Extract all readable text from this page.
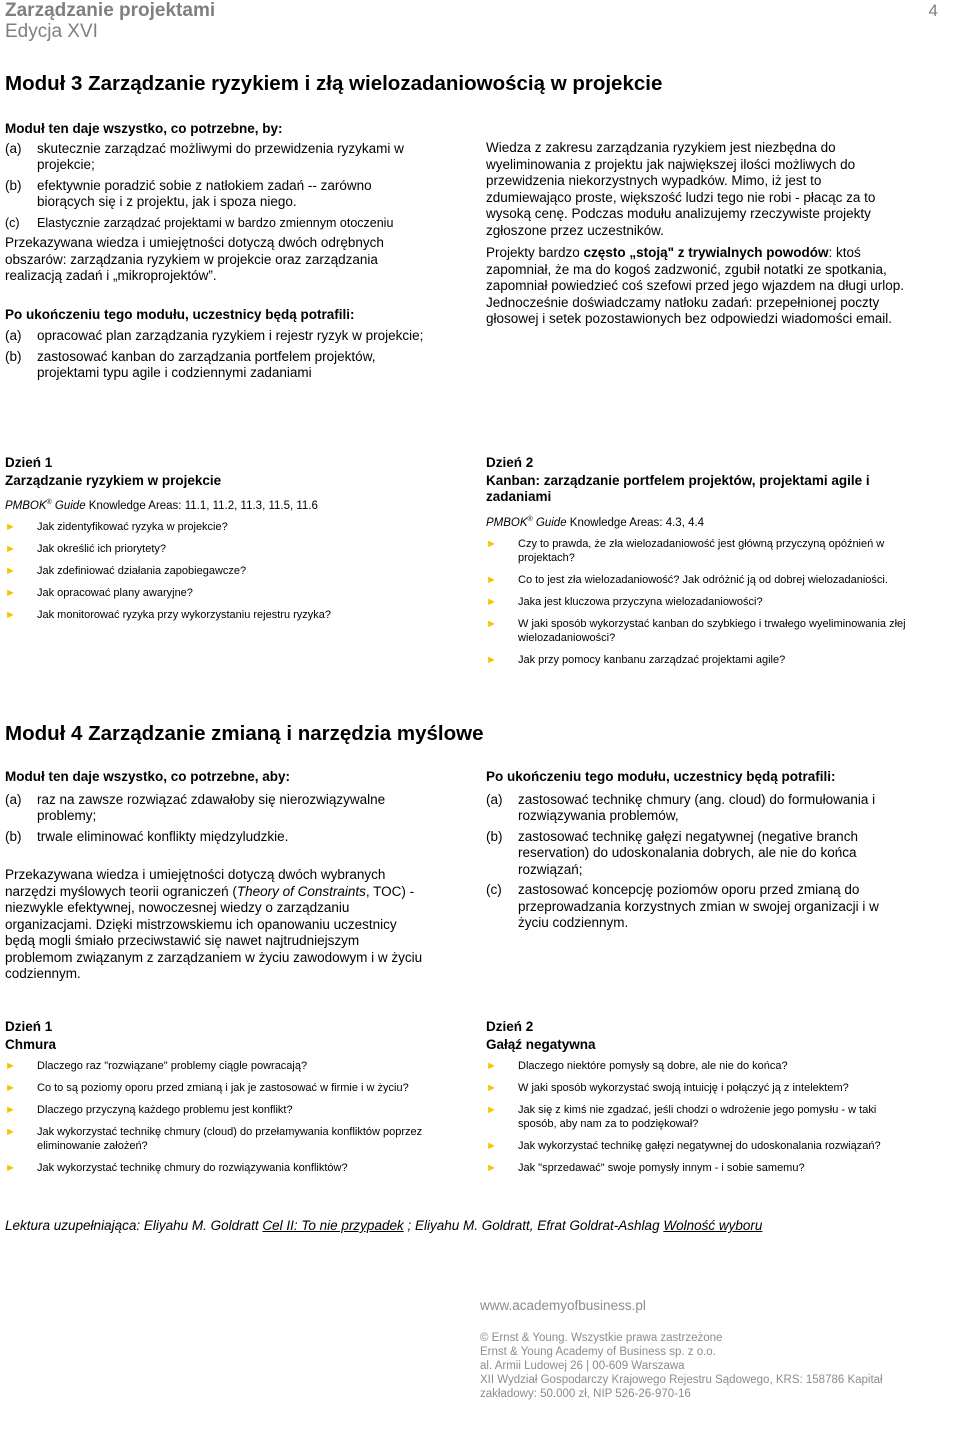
Zarządzanie projektami
Edycja XVI
4
Moduł 3 Zarządzanie ryzykiem i złą wielozadaniowością w projekcie
Moduł ten daje wszystko, co potrzebne, by:
(a)	skutecznie zarządzać możliwymi do przewidzenia ryzykami w projekcie;
(b)	efektywnie poradzić sobie z natłokiem zadań -- zarówno biorących się i z projektu, jak i spoza niego.
(c)	Elastycznie zarządzać projektami w bardzo zmiennym otoczeniu
Przekazywana wiedza i umiejętności dotyczą dwóch odrębnych obszarów: zarządzania ryzykiem w projekcie oraz zarządzania realizacją zadań i „mikroprojektów”.
Po ukończeniu tego modułu, uczestnicy będą potrafili:
(a)	opracować plan zarządzania ryzykiem i rejestr ryzyk w projekcie;
(b)	zastosować kanban do zarządzania portfelem projektów, projektami typu agile i codziennymi zadaniami
Wiedza z zakresu zarządzania ryzykiem jest niezbędna do wyeliminowania z projektu jak największej ilości możliwych do przewidzenia niekorzystnych wypadków. Mimo, iż jest to zdumiewająco proste, większość ludzi tego nie robi - płacąc za to wysoką cenę. Podczas modułu analizujemy rzeczywiste projekty zgłoszone przez uczestników.
Projekty bardzo często „stoją" z trywialnych powodów: ktoś zapomniał, że ma do kogoś zadzwonić, zgubił notatki ze spotkania, zapomniał powiedzieć coś szefowi przed jego wjazdem na długi urlop. Jednocześnie doświadczamy natłoku zadań: przepełnionej poczty głosowej i setek pozostawionych bez odpowiedzi wiadomości email.
Dzień 1
Zarządzanie ryzykiem w projekcie
PMBOK® Guide Knowledge Areas: 11.1, 11.2, 11.3, 11.5, 11.6
►	Jak zidentyfikować ryzyka w projekcie?
►	Jak określić ich priorytety?
►	Jak zdefiniować działania zapobiegawcze?
►	Jak opracować plany awaryjne?
►	Jak monitorować ryzyka przy wykorzystaniu rejestru ryzyka?
Dzień 2
Kanban: zarządzanie portfelem projektów, projektami agile i zadaniami
PMBOK® Guide Knowledge Areas: 4.3, 4.4
►	Czy to prawda, że zła wielozadaniowość jest główną przyczyną opóźnień w projektach?
►	Co to jest zła wielozadaniowość? Jak odróżnić ją od dobrej wielozadaniości.
►	Jaka jest kluczowa przyczyna wielozadaniowości?
►	W jaki sposób wykorzystać kanban do szybkiego i trwałego wyeliminowania złej wielozadaniowości?
►	Jak przy pomocy kanbanu zarządzać projektami agile?
Moduł 4 Zarządzanie zmianą i narzędzia myślowe
Moduł ten daje wszystko, co potrzebne, aby:
(a)	raz na zawsze rozwiązać zdawałoby się nierozwiązywalne problemy;
(b)	trwale eliminować konflikty międzyludzkie.
Przekazywana wiedza i umiejętności dotyczą dwóch wybranych narzędzi myślowych teorii ograniczeń (Theory of Constraints, TOC) - niezwykle efektywnej, nowoczesnej wiedzy o zarządzaniu organizacjami. Dzięki mistrzowskiemu ich opanowaniu uczestnicy będą mogli śmiało przeciwstawić się nawet najtrudniejszym problemom związanym z zarządzaniem w życiu zawodowym i w życiu codziennym.
Po ukończeniu tego modułu, uczestnicy będą potrafili:
(a)	zastosować technikę chmury (ang. cloud) do formułowania i rozwiązywania problemów,
(b)	zastosować technikę gałęzi negatywnej (negative branch reservation) do udoskonalania dobrych, ale nie do końca rozwiązań;
(c)	zastosować koncepcję poziomów oporu przed zmianą do przeprowadzania korzystnych zmian w swojej organizacji i w życiu codziennym.
Dzień 1
Chmura
►	Dlaczego raz "rozwiązane" problemy ciągle powracają?
►	Co to są poziomy oporu przed zmianą i jak je zastosować w firmie i w życiu?
►	Dlaczego przyczyną każdego problemu jest konflikt?
►	Jak wykorzystać technikę chmury (cloud) do przełamywania konfliktów poprzez eliminowanie założeń?
►	Jak wykorzystać technikę chmury do rozwiązywania konfliktów?
Dzień 2
Gałąź negatywna
►	Dlaczego niektóre pomysły są dobre, ale nie do końca?
►	W jaki sposób wykorzystać swoją intuicję i połączyć ją z intelektem?
►	Jak się z kimś nie zgadzać, jeśli chodzi o wdrożenie jego pomysłu - w taki sposób, aby nam za to podziękował?
►	Jak wykorzystać technikę gałęzi negatywnej do udoskonalania rozwiązań?
►	Jak "sprzedawać" swoje pomysły innym - i sobie samemu?
Lektura uzupełniająca: Eliyahu M. Goldratt Cel II: To nie przypadek ; Eliyahu M. Goldratt, Efrat Goldrat-Ashlag Wolność wyboru
www.academyofbusiness.pl
© Ernst & Young. Wszystkie prawa zastrzeżone
Ernst & Young Academy of Business sp. z o.o.
al. Armii Ludowej 26 | 00-609 Warszawa
XII Wydział Gospodarczy Krajowego Rejestru Sądowego, KRS: 158786 Kapitał
zakładowy: 50.000 zł, NIP 526-26-970-16
